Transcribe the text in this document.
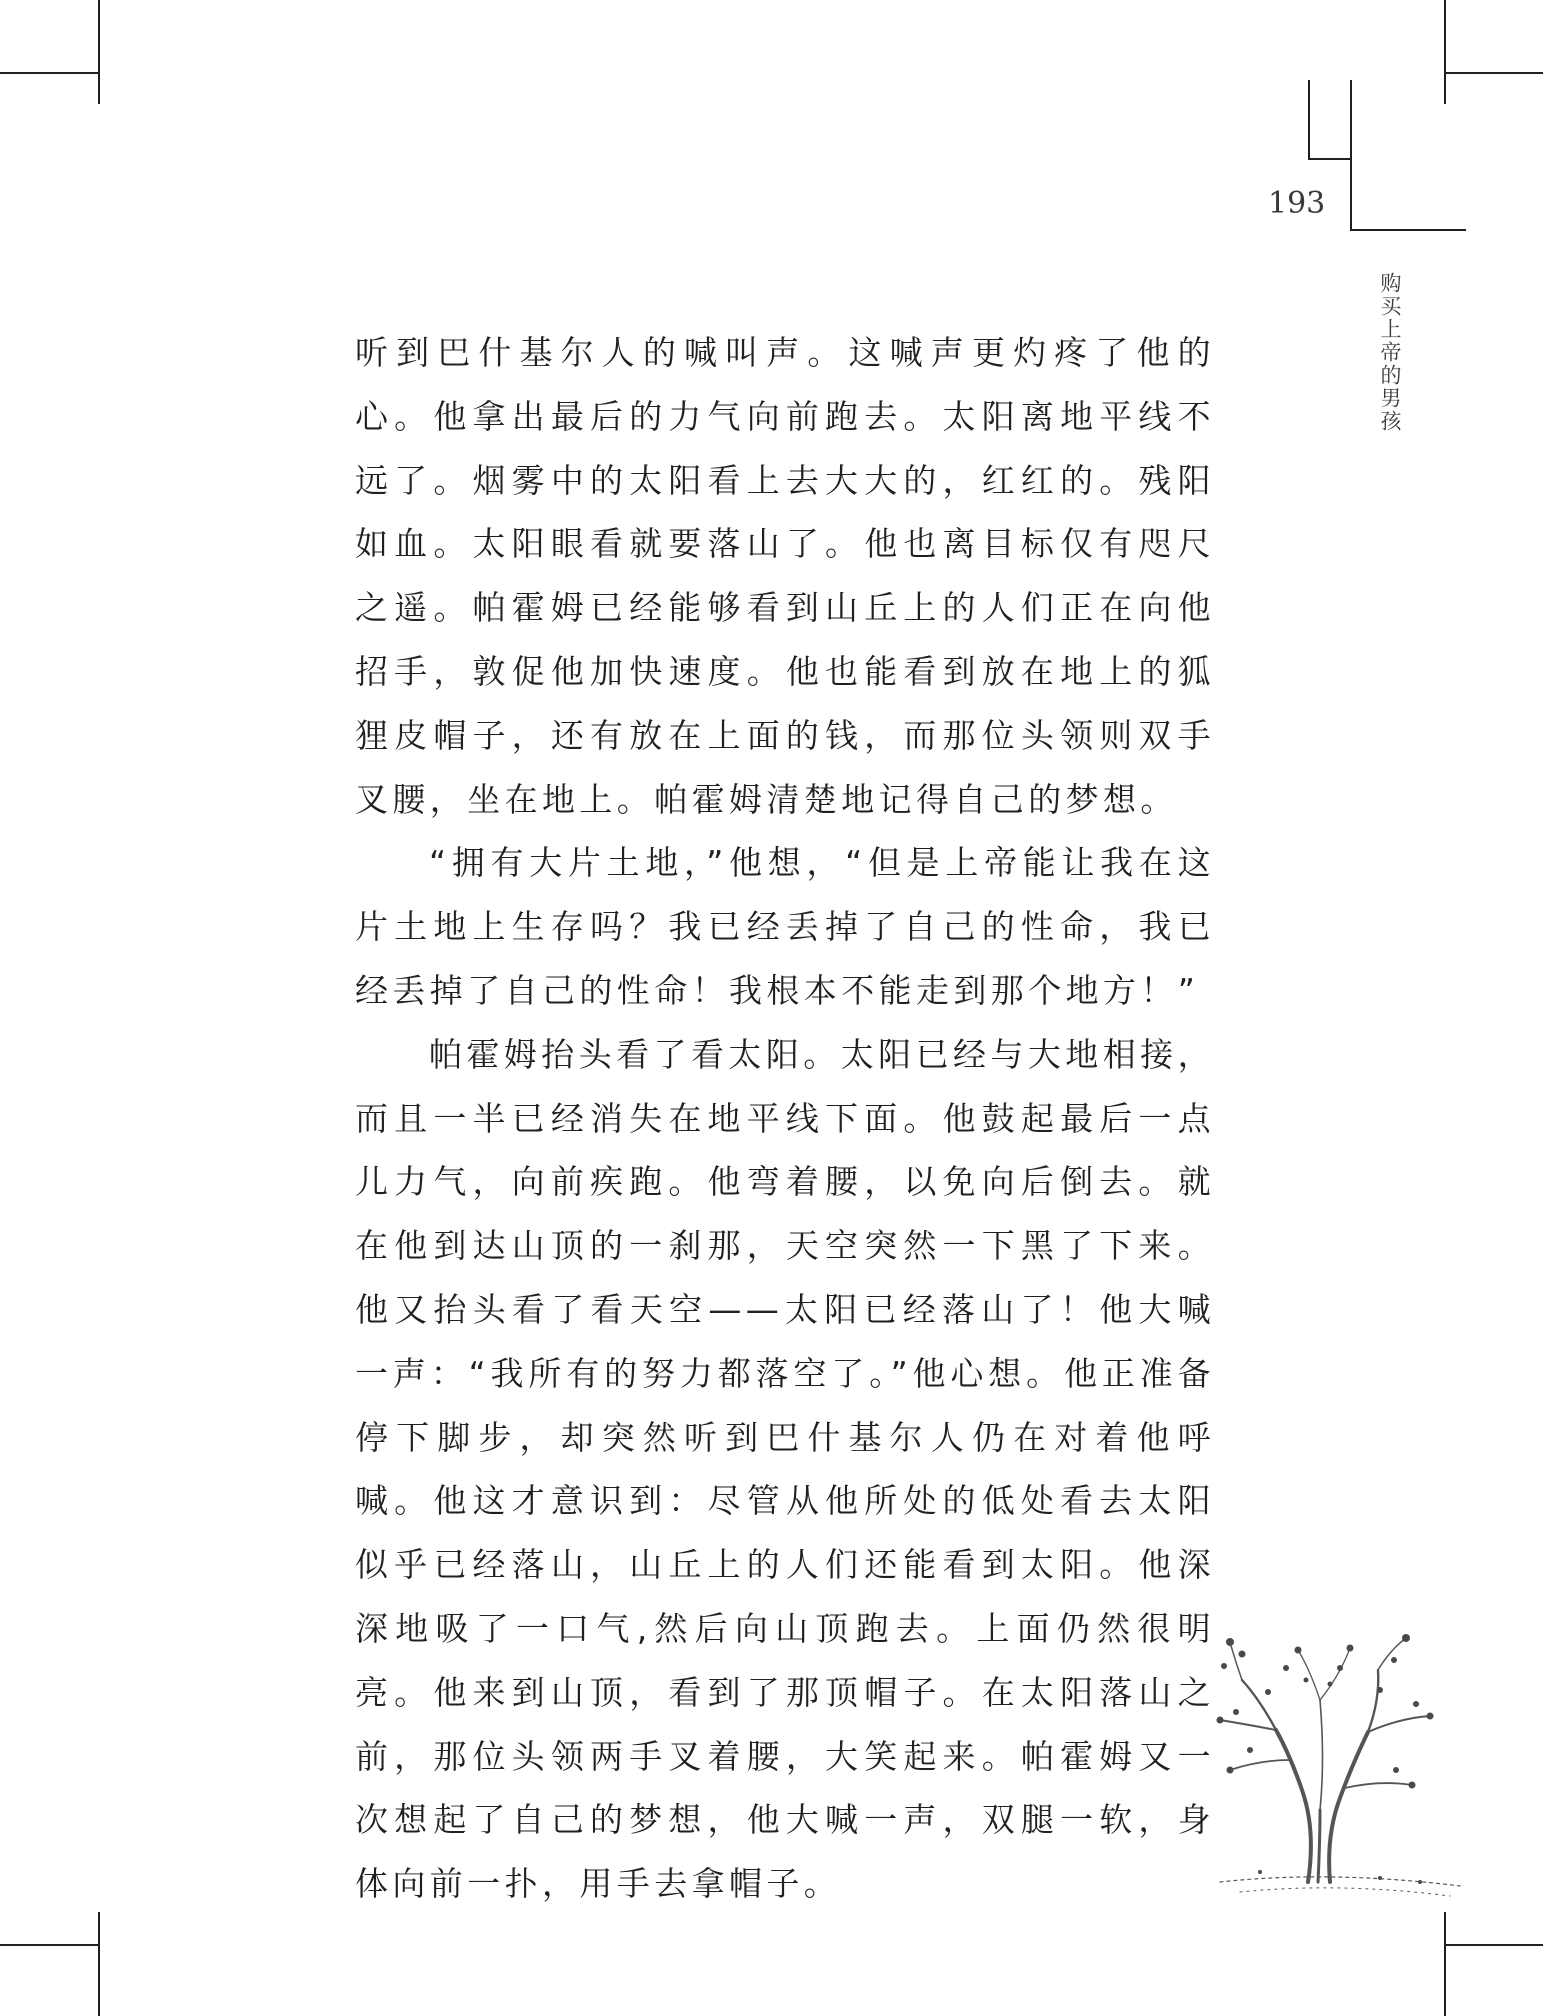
193
购买上帝的男孩

听到巴什基尔人的喊叫声。这喊声更灼疼了他的心。他拿出最后的力气向前跑去。太阳离地平线不远了。烟雾中的太阳看上去大大的，红红的。残阳如血。太阳眼看就要落山了。他也离目标仅有咫尺之遥。帕霍姆已经能够看到山丘上的人们正在向他招手，敦促他加快速度。他也能看到放在地上的狐狸皮帽子，还有放在上面的钱，而那位头领则双手叉腰，坐在地上。帕霍姆清楚地记得自己的梦想。

“拥有大片土地，”他想，“但是上帝能让我在这片土地上生存吗？我已经丢掉了自己的性命，我已经丢掉了自己的性命！我根本不能走到那个地方！”

帕霍姆抬头看了看太阳。太阳已经与大地相接，而且一半已经消失在地平线下面。他鼓起最后一点儿力气，向前疾跑。他弯着腰，以免向后倒去。就在他到达山顶的一刹那，天空突然一下黑了下来。他又抬头看了看天空——太阳已经落山了！他大喊一声：“我所有的努力都落空了。”他心想。他正准备停下脚步，却突然听到巴什基尔人仍在对着他呼喊。他这才意识到：尽管从他所处的低处看去太阳似乎已经落山，山丘上的人们还能看到太阳。他深深地吸了一口气,然后向山顶跑去。上面仍然很明亮。他来到山顶，看到了那顶帽子。在太阳落山之前，那位头领两手叉着腰，大笑起来。帕霍姆又一次想起了自己的梦想，他大喊一声，双腿一软，身体向前一扑，用手去拿帽子。
